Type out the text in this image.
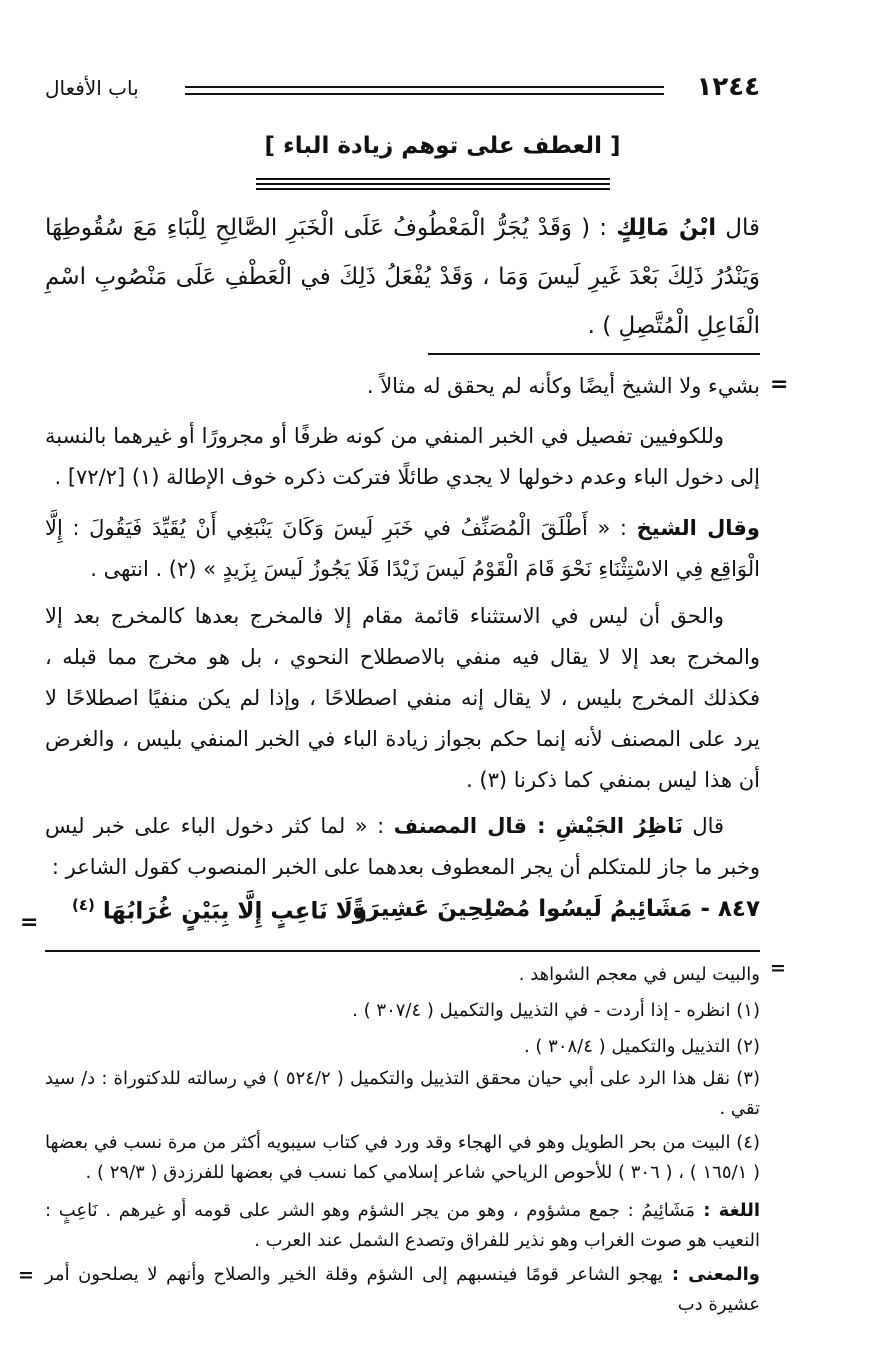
١٢٤٤
باب الأفعال
[ العطف على توهم زيادة الباء ]
قال ابْنُ مَالِكٍ : ( وَقَدْ يُجَرُّ الْمَعْطُوفُ عَلَى الْخَبَرِ الصَّالِحِ لِلْبَاءِ مَعَ سُقُوطِهَا وَيَنْدُرُ ذَلِكَ بَعْدَ غَيرِ لَيسَ وَمَا ، وَقَدْ يُفْعَلُ ذَلِكَ في الْعَطْفِ عَلَى مَنْصُوبِ اسْمِ الْفَاعِلِ الْمُتَّصِلِ ) .
=
بشيء ولا الشيخ أيضًا وكأنه لم يحقق له مثالاً .
وللكوفيين تفصيل في الخبر المنفي من كونه ظرفًا أو مجرورًا أو غيرهما بالنسبة إلى دخول الباء وعدم دخولها لا يجدي طائلًا فتركت ذكره خوف الإطالة (١) [٧٢/٢] .
وقال الشيخ : « أَطْلَقَ الْمُصَنِّفُ في خَبَرِ لَيسَ وَكَانَ يَنْبَغِي أَنْ يُقَيِّدَ فَيَقُولَ : إِلَّا الْوَاقِع فِي الاسْتِثْنَاءِ نَحْوَ قَامَ الْقَوْمُ لَيسَ زَيْدًا فَلَا يَجُوزُ لَيسَ بِزَيدٍ » (٢) . انتهى .
والحق أن ليس في الاستثناء قائمة مقام إلا فالمخرج بعدها كالمخرج بعد إلا والمخرج بعد إلا لا يقال فيه منفي بالاصطلاح النحوي ، بل هو مخرج مما قبله ، فكذلك المخرج بليس ، لا يقال إنه منفي اصطلاحًا ، وإذا لم يكن منفيًا اصطلاحًا لا يرد على المصنف لأنه إنما حكم بجواز زيادة الباء في الخبر المنفي بليس ، والغرض أن هذا ليس بمنفي كما ذكرنا (٣) .
قال نَاظِرُ الجَيْشِ : قال المصنف : « لما كثر دخول الباء على خبر ليس وخبر ما جاز للمتكلم أن يجر المعطوف بعدهما على الخبر المنصوب كقول الشاعر :
٨٤٧ - مَشَائِيمُ لَيسُوا مُصْلِحِينَ عَشِيرَةً
وَلَا نَاعِبٍ إِلَّا بِبَيْنٍ غُرَابُهَا $^{(٤)}$
=
=
والبيت ليس في معجم الشواهد .
(١) انظره - إذا أردت - في التذييل والتكميل ( ٣٠٧/٤ ) .
(٢) التذييل والتكميل ( ٣٠٨/٤ ) .
(٣) نقل هذا الرد على أبي حيان محقق التذييل والتكميل ( ٥٢٤/٢ ) في رسالته للدكتوراة : د/ سيد تقي .
(٤) البيت من بحر الطويل وهو في الهجاء وقد ورد في كتاب سيبويه أكثر من مرة نسب في بعضها ( ١٦٥/١ ) ، ( ٣٠٦ ) للأحوص الرياحي شاعر إسلامي كما نسب في بعضها للفرزدق ( ٢٩/٣ ) .
اللغة : مَشَائِيمُ : جمع مشؤوم ، وهو من يجر الشؤم وهو الشر على قومه أو غيرهم . نَاعِبٍ : النعيب هو صوت الغراب وهو نذير للفراق وتصدع الشمل عند العرب .
والمعنى : يهجو الشاعر قومًا فينسبهم إلى الشؤم وقلة الخير والصلاح وأنهم لا يصلحون أمر عشيرة دب
=
